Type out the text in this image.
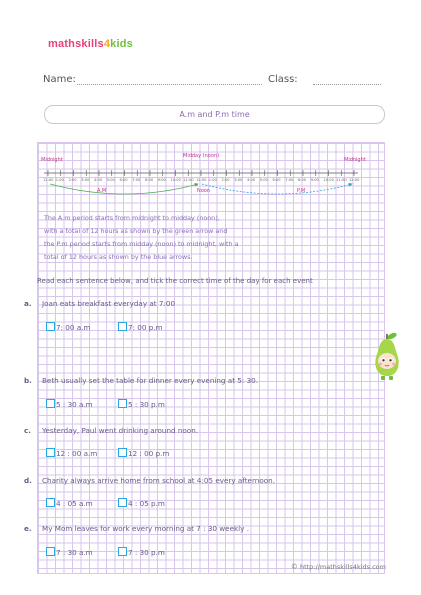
mathskills4kids
Name:	Class:
A.m and P.m time
Midnight
Midday (noon)
Midnight
12:00 1:00 2:00 3:00 4:00 5:00 6:00 7:00 8:00 9:00 10:00 11:00 12:00 1:00 2:00 3:00 4:00 5:00 6:00 7:00 8:00 9:00 10:00 11:00 12:00
A.M	Noon	P.M
The A.m period starts from midnight to midday (noon),
with a total of 12 hours as shown by the green arrow and
the P.m period starts from midday (noon) to midnight, with a
total of 12 hours as shown by the blue arrows.
Read each sentence below, and tick the correct time of the day for each event
a. Joan eats breakfast everyday at 7:00
7: 00 a.m	7: 00 p.m
b. Beth usually set the table for dinner every evening at 5: 30.
5 : 30 a.m	5 : 30 p.m
c. Yesterday, Paul went drinking around noon.
12 : 00 a.m	12 : 00 p.m
d. Charity always arrive home from school at 4:05 every afternoon.
4 : 05 a.m	4 : 05 p.m
e. My Mom leaves for work every morning at 7 : 30 weekly .
7 : 30 a.m	7 : 30 p.m
© http://mathskills4kids.com
